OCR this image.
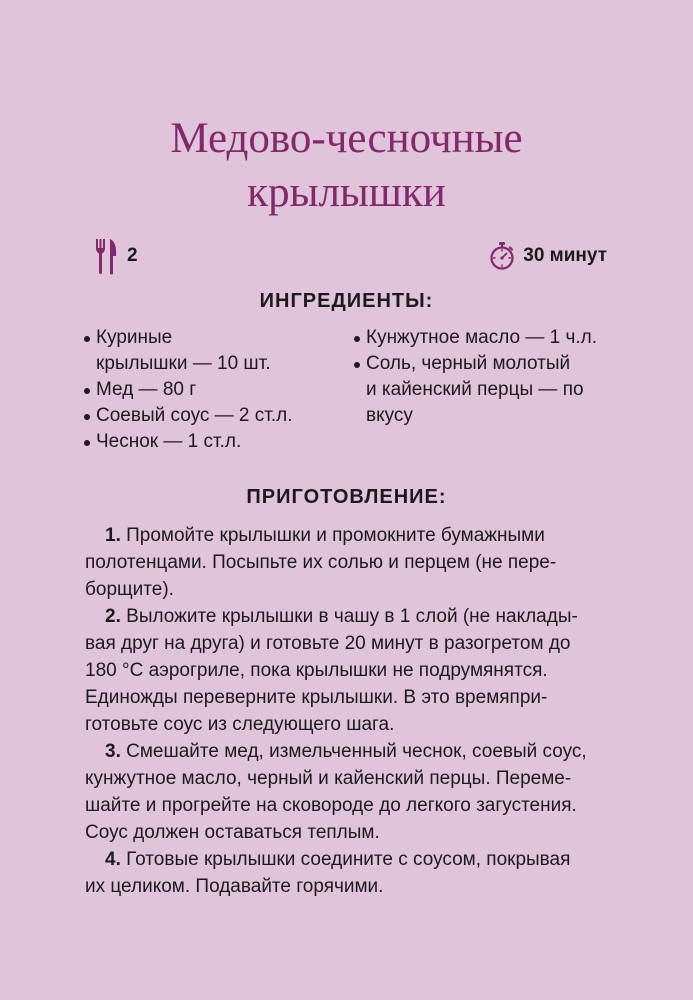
Медово-чесночные
крылышки
2	30 минут
ИНГРЕДИЕНТЫ:
Куриные
крылышки — 10 шт.
Мед — 80 г
Соевый соус — 2 ст.л.
Чеснок — 1 ст.л.
Кунжутное масло — 1 ч.л.
Соль, черный молотый
и кайенский перцы — по
вкусу
ПРИГОТОВЛЕНИЕ:

1. Промойте крылышки и промокните бумажными
полотенцами. Посыпьте их солью и перцем (не пере-
борщите).

2. Выложите крылышки в чашу в 1 слой (не наклады-
вая друг на друга) и готовьте 20 минут в разогретом до
180 °С аэрогриле, пока крылышки не подрумянятся.
Единожды переверните крылышки. В это времяпри-
готовьте соус из следующего шага.

3. Смешайте мед, измельченный чеснок, соевый соус,
кунжутное масло, черный и кайенский перцы. Переме-
шайте и прогрейте на сковороде до легкого загустения.
Соус должен оставаться теплым.

4. Готовые крылышки соедините с соусом, покрывая
их целиком. Подавайте горячими.
